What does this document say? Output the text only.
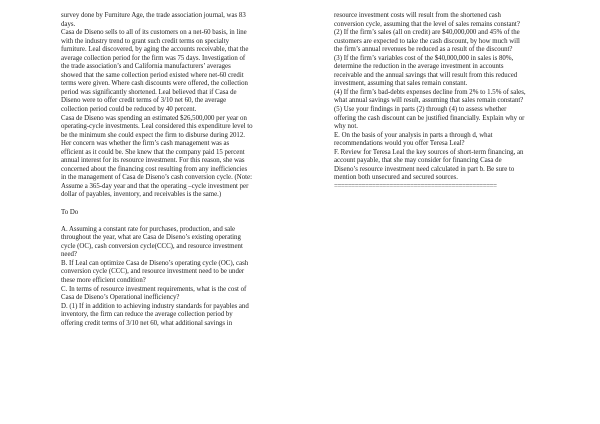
survey done by Furniture Age, the trade association journal, was 83

days.

Casa de Diseno sells to all of its customers on a net-60 basis, in line

with the industry trend to grant such credit terms on specialty

furniture. Leal discovered, by aging the accounts receivable, that the

average collection period for the firm was 75 days. Investigation of

the trade association’s and California manufacturers’ averages

showed that the same collection period existed where net-60 credit

terms were given. Where cash discounts were offered, the collection

period was significantly shortened. Leal believed that if Casa de

Diseno were to offer credit terms of 3/10 net 60, the average

collection period could be reduced by 40 percent.

Casa de Diseno was spending an estimated $26,500,000 per year on

operating-cycle investments. Leal considered this expenditure level to

be the minimum she could expect the firm to disburse during 2012.

Her concern was whether the firm’s cash management was as

efficient as it could be. She knew that the company paid 15 percent

annual interest for its resource investment. For this reason, she was

concerned about the financing cost resulting from any inefficiencies

in the management of Casa de Diseno’s cash conversion cycle. (Note:

Assume a 365-day year and that the operating –cycle investment per

dollar of payables, inventory, and receivables is the same.)

To Do

A. Assuming a constant rate for purchases, production, and sale

throughout the year, what are Casa de Diseno’s existing operating

cycle (OC), cash conversion cycle(CCC), and resource investment

need?

B. If Leal can optimize Casa de Diseno’s operating cycle (OC), cash

conversion cycle (CCC), and resource investment need to be under

these more efficient condition?

C. In terms of resource investment requirements, what is the cost of

Casa de Diseno’s Operational inefficiency?

D. (1) If in addition to achieving industry standards for payables and

inventory, the firm can reduce the average collection period by

offering credit terms of 3/10 net 60, what additional savings in

resource investment costs will result from the shortened cash

conversion cycle, assuming that the level of sales remains constant?

(2) If the firm’s sales (all on credit) are $40,000,000 and 45% of the

customers are expected to take the cash discount, by how much will

the firm’s annual revenues be reduced as a result of the discount?

(3) If the firm’s variables cost of the $40,000,000 in sales is 80%,

determine the reduction in the average investment in accounts

receivable and the annual savings that will result from this reduced

investment, assuming that sales remain constant.

(4) If the firm’s bad-debts expenses decline from 2% to 1.5% of sales,

what annual savings will result, assuming that sales remain constant?

(5) Use your findings in parts (2) through (4) to assess whether

offering the cash discount can be justified financially. Explain why or

why not.

E. On the basis of your analysis in parts a through d, what

recommendations would you offer Teresa Leal?

F. Review for Teresa Leal the key sources of short-term financing, an

account payable, that she may consider for financing Casa de

Diseno’s resource investment need calculated in part b. Be sure to

mention both unsecured and secured sources.

===============================================
